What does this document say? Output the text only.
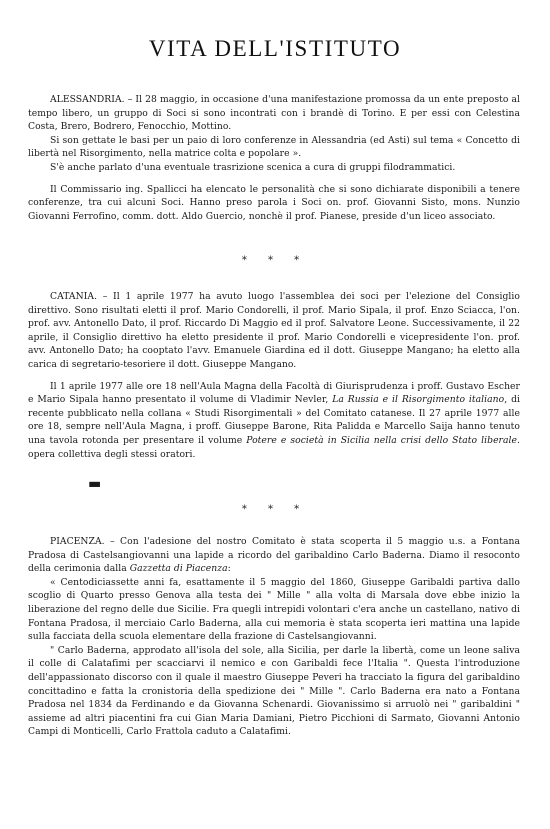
VITA DELL'ISTITUTO

ALESSANDRIA. – Il 28 maggio, in occasione d'una manifestazione promossa da un ente preposto al tempo libero, un gruppo di Soci si sono incontrati con i brandè di Torino. E per essi con Celestina Costa, Brero, Bodrero, Fenocchio, Mottino.

Si son gettate le basi per un paio di loro conferenze in Alessandria (ed Asti) sul tema « Concetto di libertà nel Risorgimento, nella matrice colta e popolare ».

S'è anche parlato d'una eventuale trasrizione scenica a cura di gruppi filodrammatici.

Il Commissario ing. Spallicci ha elencato le personalità che si sono dichiarate disponibili a tenere conferenze, tra cui alcuni Soci. Hanno preso parola i Soci on. prof. Giovanni Sisto, mons. Nunzio Giovanni Ferrofino, comm. dott. Aldo Guercio, nonchè il prof. Pianese, preside d'un liceo associato.

* * *

CATANIA. – Il 1 aprile 1977 ha avuto luogo l'assemblea dei soci per l'elezione del Consiglio direttivo. Sono risultati eletti il prof. Mario Condorelli, il prof. Mario Sipala, il prof. Enzo Sciacca, l'on. prof. avv. Antonello Dato, il prof. Riccardo Di Maggio ed il prof. Salvatore Leone. Successivamente, il 22 aprile, il Consiglio direttivo ha eletto presidente il prof. Mario Condorelli e vicepresidente l'on. prof. avv. Antonello Dato; ha cooptato l'avv. Emanuele Giardina ed il dott. Giuseppe Mangano; ha eletto alla carica di segretario-tesoriere il dott. Giuseppe Mangano.

Il 1 aprile 1977 alle ore 18 nell'Aula Magna della Facoltà di Giurisprudenza i proff. Gustavo Escher e Mario Sipala hanno presentato il volume di Vladimir Nevler, La Russia e il Risorgimento italiano, di recente pubblicato nella collana « Studi Risorgimentali » del Comitato catanese. Il 27 aprile 1977 alle ore 18, sempre nell'Aula Magna, i proff. Giuseppe Barone, Rita Palidda e Marcello Saija hanno tenuto una tavola rotonda per presentare il volume Potere e società in Sicilia nella crisi dello Stato liberale. opera collettiva degli stessi oratori.

▬
* * *

PIACENZA. – Con l'adesione del nostro Comitato è stata scoperta il 5 maggio u.s. a Fontana Pradosa di Castelsangiovanni una lapide a ricordo del garibaldino Carlo Baderna. Diamo il resoconto della cerimonia dalla Gazzetta di Piacenza:

« Centodiciassette anni fa, esattamente il 5 maggio del 1860, Giuseppe Garibaldi partiva dallo scoglio di Quarto presso Genova alla testa dei " Mille " alla volta di Marsala dove ebbe inizio la liberazione del regno delle due Sicilie. Fra quegli intrepidi volontari c'era anche un castellano, nativo di Fontana Pradosa, il merciaio Carlo Baderna, alla cui memoria è stata scoperta ieri mattina una lapide sulla facciata della scuola elementare della frazione di Castelsangiovanni.

" Carlo Baderna, approdato all'isola del sole, alla Sicilia, per darle la libertà, come un leone saliva il colle di Calatafimi per scacciarvi il nemico e con Garibaldi fece l'Italia ". Questa l'introduzione dell'appassionato discorso con il quale il maestro Giuseppe Peveri ha tracciato la figura del garibaldino concittadino e fatta la cronistoria della spedizione dei " Mille ". Carlo Baderna era nato a Fontana Pradosa nel 1834 da Ferdinando e da Giovanna Schenardi. Giovanissimo si arruolò nei " garibaldini " assieme ad altri piacentini fra cui Gian Maria Damiani, Pietro Picchioni di Sarmato, Giovanni Antonio Campi di Monticelli, Carlo Frattola caduto a Calatafimi.
